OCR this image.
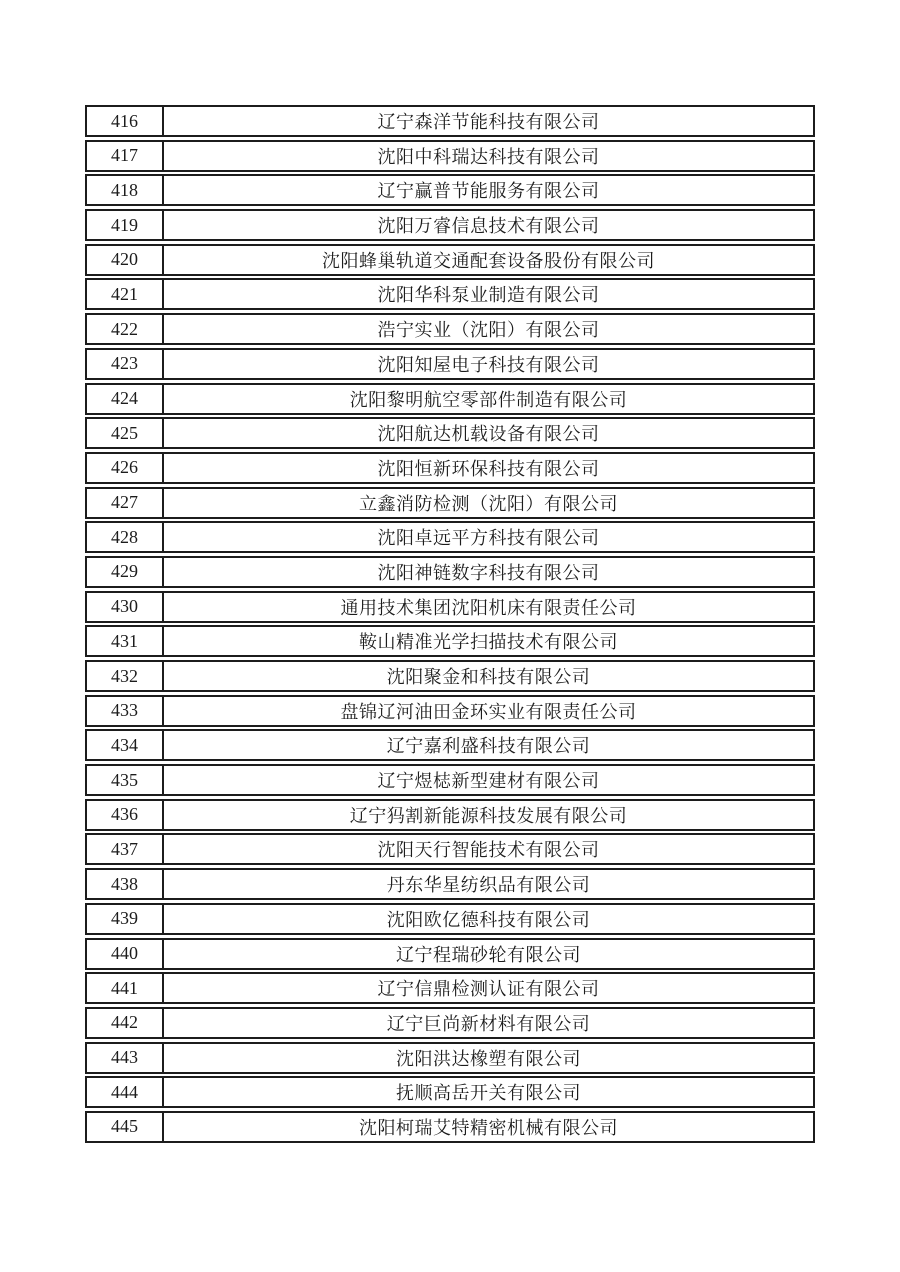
416	辽宁森洋节能科技有限公司
417	沈阳中科瑞达科技有限公司
418	辽宁赢普节能服务有限公司
419	沈阳万睿信息技术有限公司
420	沈阳蜂巢轨道交通配套设备股份有限公司
421	沈阳华科泵业制造有限公司
422	浩宁实业（沈阳）有限公司
423	沈阳知屋电子科技有限公司
424	沈阳黎明航空零部件制造有限公司
425	沈阳航达机载设备有限公司
426	沈阳恒新环保科技有限公司
427	立鑫消防检测（沈阳）有限公司
428	沈阳卓远平方科技有限公司
429	沈阳神链数字科技有限公司
430	通用技术集团沈阳机床有限责任公司
431	鞍山精准光学扫描技术有限公司
432	沈阳聚金和科技有限公司
433	盘锦辽河油田金环实业有限责任公司
434	辽宁嘉利盛科技有限公司
435	辽宁煜梽新型建材有限公司
436	辽宁犸割新能源科技发展有限公司
437	沈阳天行智能技术有限公司
438	丹东华星纺织品有限公司
439	沈阳欧亿德科技有限公司
440	辽宁程瑞砂轮有限公司
441	辽宁信鼎检测认证有限公司
442	辽宁巨尚新材料有限公司
443	沈阳洪达橡塑有限公司
444	抚顺高岳开关有限公司
445	沈阳柯瑞艾特精密机械有限公司
